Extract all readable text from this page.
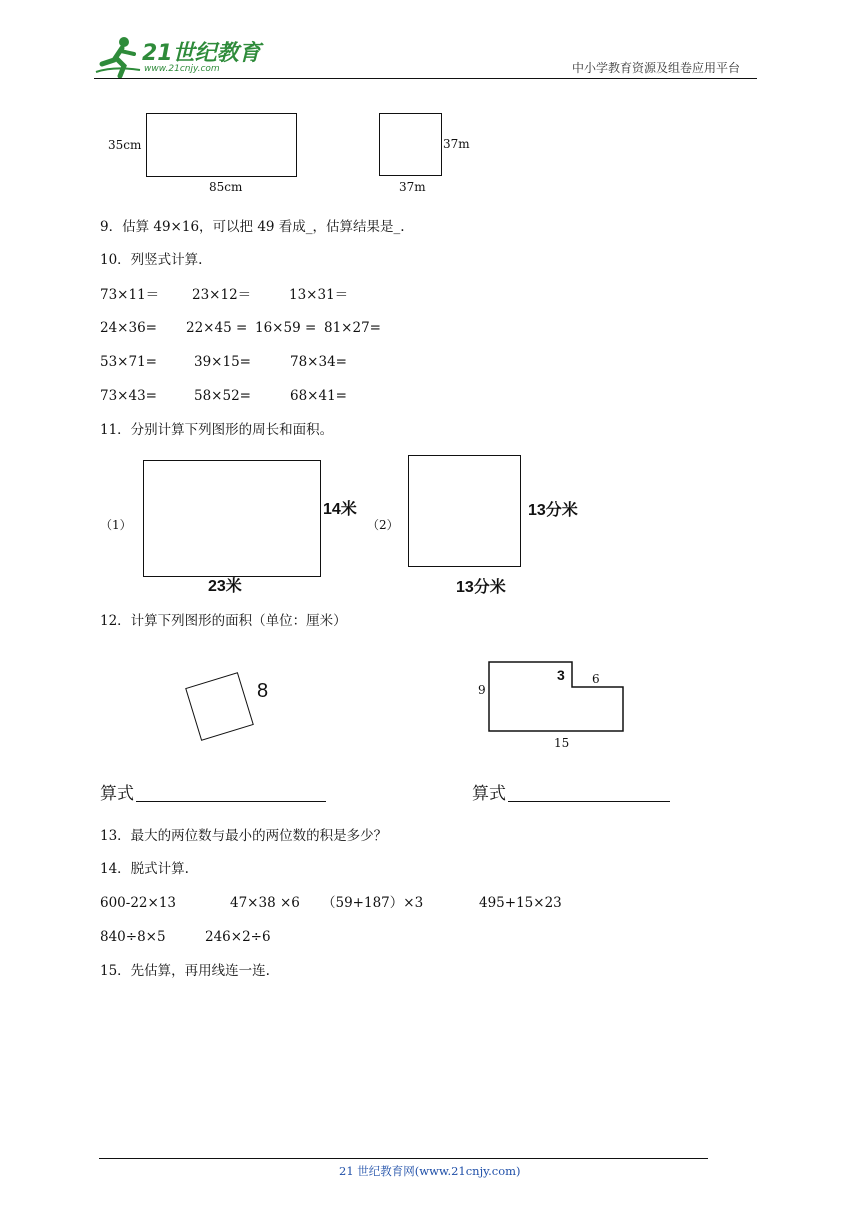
21世纪教育
www.21cnjy.com	中小学教育资源及组卷应用平台
35cm
85cm
37m
37m
9．估算 49×16，可以把 49 看成_，估算结果是_.
10．列竖式计算.
73×11＝ 23×12＝	13×31＝
24×36= 22×45 = 16×59 = 81×27=
53×71=	39×15=	78×34=
73×43=	58×52=	68×41=
11．分别计算下列图形的周长和面积。
（1）
14米
23米
（2）
13分米
13分米
12．计算下列图形的面积（单位：厘米）
8	9
3 6
15
算式	算式
13．最大的两位数与最小的两位数的积是多少？
14．脱式计算.
600-22×13	47×38 ×6 （59+187）×3	495+15×23
840÷8×5	246×2÷6
15．先估算，再用线连一连.
21 世纪教育网(www.21cnjy.com)
